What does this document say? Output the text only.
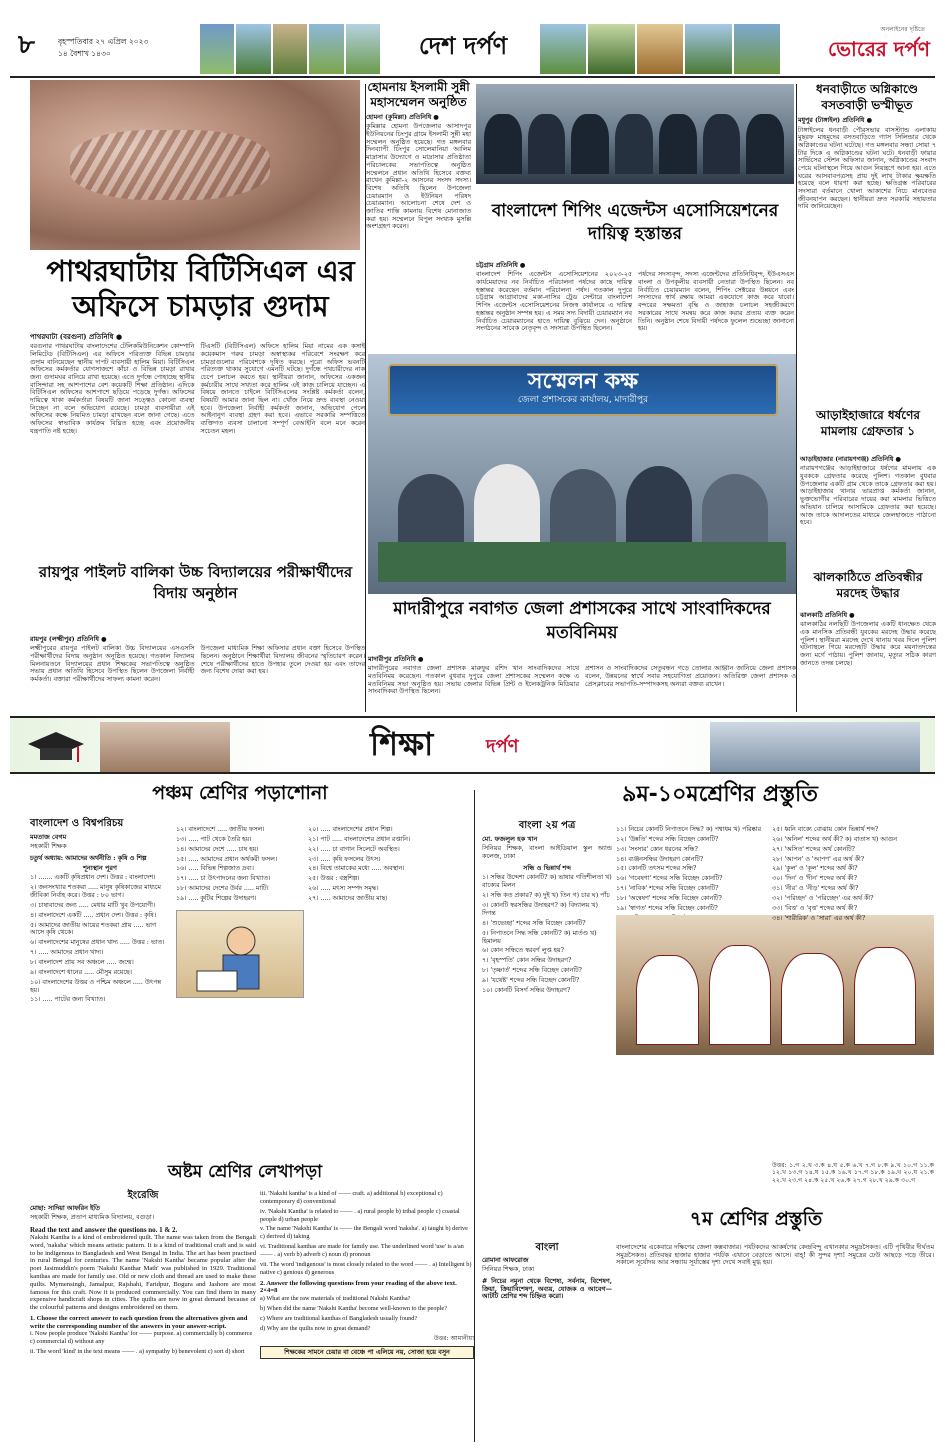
৮	বৃহস্পতিবার ২৭ এপ্রিল ২০২৩
১৪ বৈশাখ ১৪৩০	দেশ দর্পণ
অনলাইনের দৃষ্টিতে
ভোরের দর্পণ
পাথরঘাটায় বিটিসিএল এর অফিসে চামড়ার গুদাম
পাথরঘাটা (বরগুনা) প্রতিনিধি ●
বরগুনার পাথরঘাটায় বাংলাদেশের টেলিকমিউনিকেশন কোম্পানি লিমিটেড (বিটিসিএল) এর অফিসে পরিত্যক্ত বিভিন্ন চামড়ার গুদাম বানিয়েছেন স্থানীয় দাপট ব্যবসায়ী হালিম মিয়া। বিটিসিএল অফিসের কর্মকর্তার যোগসাজশে কাঁচা ও বিভিন্ন চামড়া রাখার জন্য গুদামঘর বানিয়ে রাখা হয়েছে। এতে দুর্গন্ধে পোহাচ্ছে স্থানীয় বাসিন্দারা সহ আশপাশের বেশ কয়েকটি শিক্ষা প্রতিষ্ঠান। এদিকে বিটিসিএল অফিসের আশপাশে ছড়িয়ে পড়েছে দুর্গন্ধ। অফিসের দায়িত্বে থাকা কর্মকর্তারা বিষয়টি জানা সত্ত্বেও কোনো ব্যবস্থা নিচ্ছেন না বলে অভিযোগ রয়েছে। চামড়া ব্যবসায়ীরা এই অফিসের কক্ষে নিয়মিত চামড়া রাখছেন বলে জানা গেছে। এতে অফিসের স্বাভাবিক কার্যক্রম বিঘ্নিত হচ্ছে এবং প্রয়োজনীয় যন্ত্রপাতি নষ্ট হচ্ছে।
টিএসটি (বিটিসিএল) অফিসে হালিম মিয়া নামের এক কসাই কয়েকমাস গরুর চামড়া অস্বাস্থ্যকর পরিবেশে সংরক্ষণ করে চামড়াগুলোর পরিবেশকে দূষিত করছে। পুরো অফিস ভবনটি পরিত্যক্ত থাকার সুযোগে এমনটি ঘটছে। দুর্গন্ধে পথচারীদের নাক চেপে চলাচল করতে হয়। স্থানীয়রা জানান, অফিসের একজন কর্মচারীর সাথে সখ্যতা করে হালিম এই কাজ চালিয়ে যাচ্ছেন। এ বিষয়ে জানতে চাইলে বিটিসিএলের সংশ্লিষ্ট কর্মকর্তা বলেন, বিষয়টি আমার জানা ছিল না। খোঁজ নিয়ে দ্রুত ব্যবস্থা নেওয়া হবে। উপজেলা নির্বাহী কর্মকর্তা জানান, অভিযোগ পেলে আইনানুগ ব্যবস্থা গ্রহণ করা হবে। এভাবে সরকারি সম্পত্তিতে ব্যক্তিগত ব্যবসা চালানো সম্পূর্ণ বেআইনি বলে মনে করেন সচেতন মহল।
হোমনায় ইসলামী সুন্নী মহাসম্মেলন অনুষ্ঠিত
হোমনা (কুমিল্লা) প্রতিনিধি ●
কুমিল্লার হোমনা উপজেলার আসাদপুর ইউনিয়নের চিংপুর গ্রামে ইসলামী সুন্নী মহা সম্মেলন অনুষ্ঠিত হয়েছে। গত মঙ্গলবার দিনব্যাপী চিংপুর সোলেমানিয়া আলিম মাদ্রাসার উদ্যোগে ও মাদ্রাসার প্রতিষ্ঠাতা পরিচালকের সভাপতিত্বে অনুষ্ঠিত সম্মেলনে প্রধান অতিথি হিসেবে বক্তব্য রাখেন কুমিল্লা-২ আসনের সংসদ সদস্য। বিশেষ অতিথি ছিলেন উপজেলা চেয়ারম্যান ও ইউনিয়ন পরিষদ চেয়ারম্যান। আলোচনা শেষে দেশ ও জাতির শান্তি কামনায় বিশেষ মোনাজাত করা হয়। সম্মেলনে বিপুল সংখ্যক মুসল্লি অংশগ্রহণ করেন।
বাংলাদেশ শিপিং এজেন্টস এসোসিয়েশনের দায়িত্ব হস্তান্তর
চট্টগ্রাম প্রতিনিধি ●
বাংলাদেশ শিপিং এজেন্টস এসোসিয়েশনের ২০২৩-২৫ কার্যমেয়াদের নব নির্বাচিত পরিচালনা পর্ষদের কাছে দায়িত্ব হস্তান্তর করেছেন বর্তমান পরিচালনা পর্ষদ। গতকাল দুপুরে চট্টগ্রাম আগ্রাবাদের মকা-নাসির ট্রেড সেন্টারে বাংলাদেশ শিপিং এজেন্টস এসোসিয়েশনের নিজস্ব কার্যালয়ে এ দায়িত্ব হস্তান্তর অনুষ্ঠান সম্পন্ন হয়। এ সময় সদ্য বিদায়ী চেয়ারম্যান নব নির্বাচিত চেয়ারম্যানের হাতে দায়িত্ব বুঝিয়ে দেন। অনুষ্ঠানে সংগঠনের সাবেক নেতৃবৃন্দ ও সদস্যরা উপস্থিত ছিলেন।
পর্ষদের সদস্যবৃন্দ, সদস্য এজেন্টদের প্রতিনিধিবৃন্দ, ইউএসএস বাংলা ও উপকূলীয় ব্যবসায়ী নেতারা উপস্থিত ছিলেন। নব নির্বাচিত চেয়ারম্যান বলেন, শিপিং সেক্টরের উন্নয়নে এবং সদস্যদের স্বার্থ রক্ষায় আমরা একযোগে কাজ করে যাবো। বন্দরের সক্ষমতা বৃদ্ধি ও জাহাজ চলাচল সহজীকরণে সরকারের সাথে সমন্বয় করে কাজ করার প্রত্যয় ব্যক্ত করেন তিনি। অনুষ্ঠান শেষে বিদায়ী পর্ষদকে ফুলেল শুভেচ্ছা জানানো হয়।
ধনবাড়ীতে অগ্নিকাণ্ডে বসতবাড়ী ভস্মীভূত
মধুপুর (টাঙ্গাইল) প্রতিনিধি ●
টাঙ্গাইলের ধনবাড়ী পৌরসভার বাসস্ট্যান্ড এলাকায় মুছরফ মাহমুদের বসতবাড়িতে গ্যাস সিলিন্ডার থেকে অগ্নিকাণ্ডের ঘটনা ঘটেছে। গত মঙ্গলবার সন্ধ্যা সোয়া ৭ টার দিকে এ অগ্নিকাণ্ডের ঘটনা ঘটে। ধনবাড়ী ফায়ার সার্ভিসের স্টেশন অফিসার জানান, অগ্নিকাণ্ডের সংবাদ পেয়ে ঘটনাস্থলে গিয়ে আগুন নিয়ন্ত্রণে আনা হয়। এতে ঘরের আসবাবপত্রসহ প্রায় দুই লাখ টাকার ক্ষয়ক্ষতি হয়েছে বলে ধারণা করা হচ্ছে। ক্ষতিগ্রস্ত পরিবারের সদস্যরা বর্তমানে খোলা আকাশের নিচে মানবেতর জীবনযাপন করছেন। স্থানীয়রা দ্রুত সরকারি সহায়তার দাবি জানিয়েছেন।
সম্মেলন কক্ষ
জেলা প্রশাসকের কার্যালয়, মাদারীপুর
মাদারীপুরে নবাগত জেলা প্রশাসকের সাথে সাংবাদিকদের মতবিনিময়
মাদারীপুর প্রতিনিধি ●
মাদারীপুরের নবাগত জেলা প্রশাসক মারুফুর রশিদ খান সাংবাদিকদের সাথে মতবিনিময় করেছেন। গতকাল বুধবার দুপুরে জেলা প্রশাসকের সম্মেলন কক্ষে এ মতবিনিময় সভা অনুষ্ঠিত হয়। সভায় জেলার বিভিন্ন প্রিন্ট ও ইলেকট্রনিক মিডিয়ার সাংবাদিকরা উপস্থিত ছিলেন।
প্রশাসন ও সাংবাদিকদের সেতুবন্ধন গড়ে তোলার আহ্বান জানিয়ে জেলা প্রশাসক বলেন, উন্নয়নের স্বার্থে সবার সহযোগিতা প্রয়োজন। অতিরিক্ত জেলা প্রশাসক ও প্রেসক্লাবের সভাপতি-সম্পাদকসহ অন্যরা বক্তব্য রাখেন।
রায়পুর পাইলট বালিকা উচ্চ বিদ্যালয়ের পরীক্ষার্থীদের বিদায় অনুষ্ঠান
রায়পুর (লক্ষ্মীপুর) প্রতিনিধি ●
লক্ষ্মীপুরের রায়পুর পাইলট বালিকা উচ্চ বিদ্যালয়ের এসএসসি পরীক্ষার্থীদের বিদায় অনুষ্ঠান অনুষ্ঠিত হয়েছে। গতকাল বিদ্যালয় মিলনায়তনে বিদ্যালয়ের প্রধান শিক্ষকের সভাপতিত্বে অনুষ্ঠিত সভায় প্রধান অতিথি হিসেবে উপস্থিত ছিলেন উপজেলা নির্বাহী কর্মকর্তা। বক্তারা পরীক্ষার্থীদের সাফল্য কামনা করেন।
উপজেলা মাধ্যমিক শিক্ষা অফিসার প্রধান বক্তা হিসেবে উপস্থিত ছিলেন। অনুষ্ঠানে শিক্ষার্থীরা বিদ্যালয় জীবনের স্মৃতিচারণ করেন। শেষে পরীক্ষার্থীদের হাতে উপহার তুলে দেওয়া হয় এবং তাদের জন্য বিশেষ দোয়া করা হয়।
আড়াইহাজারে ধর্ষণের মামলায় গ্রেফতার ১
আড়াইহাজার (নারায়ণগঞ্জ) প্রতিনিধি ●
নারায়ণগঞ্জের আড়াইহাজারে ধর্ষণের মামলায় এক যুবককে গ্রেফতার করেছে পুলিশ। গতকাল বুধবার উপজেলার একটি গ্রাম থেকে তাকে গ্রেফতার করা হয়। আড়াইহাজার থানার ভারপ্রাপ্ত কর্মকর্তা জানান, ভুক্তভোগীর পরিবারের দায়ের করা মামলার ভিত্তিতে অভিযান চালিয়ে আসামিকে গ্রেফতার করা হয়েছে। আজ তাকে আদালতের মাধ্যমে জেলহাজতে পাঠানো হবে।
ঝালকাঠিতে প্রতিবন্ধীর মরদেহ উদ্ধার
ঝালকাঠি প্রতিনিধি ●
ঝালকাঠির নলছিটি উপজেলার একটি ধানক্ষেত থেকে এক মানসিক প্রতিবন্ধী যুবকের মরদেহ উদ্ধার করেছে পুলিশ। স্থানীয়রা মরদেহ দেখে থানায় খবর দিলে পুলিশ ঘটনাস্থলে গিয়ে মরদেহটি উদ্ধার করে ময়নাতদন্তের জন্য মর্গে পাঠায়। পুলিশ জানায়, মৃত্যুর সঠিক কারণ জানতে তদন্ত চলছে।
শিক্ষা	দর্পণ
পঞ্চম শ্রেণির পড়াশোনা
বাংলাদেশ ও বিশ্বপরিচয়
মমতাজ বেগম
সহকারী শিক্ষক
চতুর্থ অধ্যায়: আমাদের অর্থনীতি : কৃষি ও শিল্প
শূন্যস্থান পূরণ
১। ....... একটি কৃষিপ্রধান দেশ। উত্তর : বাংলাদেশ।
২। জনসংখ্যার শতকরা ..... মানুষ কৃষিকাজের মাধ্যমে জীবিকা নির্বাহ করে। উত্তর : ৮০ ভাগ।
৩। চাষাবাদের জন্য ..... মেধার মাটি খুব উপযোগী।
৪। বাংলাদেশে একটি ..... প্রধান দেশ। উত্তর : কৃষি।
৫। আমাদের জাতীয় আয়ের শতকরা প্রায় ..... ভাগ আসে কৃষি থেকে।
৬। বাংলাদেশের মানুষের প্রধান খাদ্য ..... উত্তর : ভাত।
৭। ..... আমাদের প্রধান খাদ্য।
৮। বাংলাদেশ প্রায় সব অঞ্চলে ..... জন্মে।
৯। বাংলাদেশে ধানের ..... মৌসুম রয়েছে।
১০। বাংলাদেশের উত্তর ও পশ্চিম অঞ্চলে ..... উৎপন্ন হয়।
১১। ..... পাটের জন্য বিখ্যাত।
১২। বাংলাদেশে ..... জাতীয় ফসল।
১৩। ..... পাট থেকে তৈরি হয়।
১৪। আমাদের দেশে ..... চাষ হয়।
১৫। ..... আমাদের প্রধান অর্থকরী ফসল।
১৬। ..... বিভিন্ন শিল্পজাত দ্রব্য।
১৭। ..... চা উৎপাদনের জন্য বিখ্যাত।
১৮। আমাদের দেশের উর্বর ..... মাটি।
১৯। ..... কুটির শিল্পের উদাহরণ।
২০। ..... বাংলাদেশের প্রধান শিল্প।
২১। পাট ..... বাংলাদেশের প্রধান রপ্তানি।
২২। ..... চা বাগান সিলেটে অবস্থিত।
২৩। ..... কৃষি ফসলের উৎস।
২৪। বিশ্বে তামাকের মধ্যে ..... অবস্থান।
২৫। উত্তর : বস্ত্রশিল্প।
২৬। ..... মৎস্য সম্পদ সমৃদ্ধ।
২৭। ..... আমাদের জাতীয় মাছ।
৯ম-১০মশ্রেণির প্রস্তুতি
বাংলা ২য় পত্র
মো. ফজলুল হক খান
সিনিয়র শিক্ষক, বাংলা আইডিয়াল স্কুল অ্যান্ড কলেজ, ঢাকা
সন্ধি ও ভিন্নার্থ শব্দ
১। সন্ধির উদ্দেশ্য কোনটি? ক) ভাষার গতিশীলতা খ) বাক্যের মিলন
২। সন্ধি কত প্রকার? ক) দুই খ) তিন গ) চার ঘ) পাঁচ
৩। কোনটি স্বরসন্ধির উদাহরণ? ক) বিদ্যালয় খ) দিগন্ত
৪। 'শুভেচ্ছা' শব্দের সন্ধি বিচ্ছেদ কোনটি?
৫। নিপাতনে সিদ্ধ সন্ধি কোনটি? ক) মার্তণ্ড খ) হিমালয়
৬। কোন সন্ধিতে স্বরবর্ণ লুপ্ত হয়?
৭। 'বৃহস্পতি' কোন সন্ধির উদাহরণ?
৮। 'তৃষ্ণার্ত' শব্দের সন্ধি বিচ্ছেদ কোনটি?
৯। 'যথেষ্ট' শব্দের সন্ধি বিচ্ছেদ কোনটি?
১০। কোনটি বিসর্গ সন্ধির উদাহরণ?
১১। নিচের কোনটি নিপাতনে সিদ্ধ? ক) পশ্বাধম খ) পরিষ্কার
১২। 'উন্নতি' শব্দের সন্ধি বিচ্ছেদ কোনটি?
১৩। 'সংসার' কোন ধরনের সন্ধি?
১৪। ব্যঞ্জনসন্ধির উদাহরণ কোনটি?
১৫। কোনটি তৎসম শব্দের সন্ধি?
১৬। 'গবেষণা' শব্দের সন্ধি বিচ্ছেদ কোনটি?
১৭। 'নাবিক' শব্দের সন্ধি বিচ্ছেদ কোনটি?
১৮। 'অন্বেষণ' শব্দের সন্ধি বিচ্ছেদ কোনটি?
১৯। 'স্বাগত' শব্দের সন্ধি বিচ্ছেদ কোনটি?
২৫। ধ্বনি বাক্যে বোঝায় কোন ভিন্নার্থ শব্দ?
২৬। 'অনিল' শব্দের অর্থ কী? ক) বাতাস খ) আগুন
২৭। 'অসিত' শব্দের অর্থ কোনটি?
২৮। 'আপন' ও 'আপণ' এর অর্থ কী?
২৯। 'কুল' ও 'কূল' শব্দের অর্থ কী?
৩০। 'দিন' ও 'দীন' শব্দের অর্থ কী?
৩১। 'নীর' ও 'নীড়' শব্দের অর্থ কী?
৩২। 'পরিচ্ছদ' ও 'পরিচ্ছেদ' এর অর্থ কী?
৩৩। 'বিত্ত' ও 'বৃত্ত' শব্দের অর্থ কী?
৩৪। 'শারীরিক' ও 'সারা' এর অর্থ কী?
উত্তর: ১.গ ২.খ ৩.ক ৪.ঘ ৫.ক ৬.খ ৭.গ ৮.ক ৯.খ ১০.গ ১১.ক ১২.খ ১৩.গ ১৪.ঘ ১৫.ক ১৬.খ ১৭.গ ১৮.ক ১৯.খ ২০.ঘ ২১.ক ২২.খ ২৩.গ ২৪.ক ২৫.খ ২৬.ক ২৭.গ ২৮.খ ২৯.ক ৩০.গ
অষ্টম শ্রেণির লেখাপড়া
ইংরেজি
মোছা: সাদিয়া আফরিন ইতি
সহকারী শিক্ষক, প্রতাপ মাধ্যমিক বিদ্যালয়, বগুড়া।
Read the text and answer the questions no. 1 & 2.
Nakshi Kantha is a kind of embroidered quilt. The name was taken from the Bengali word, 'naksha' which means artistic pattern. It is a kind of traditional craft and is said to be indigenous to Bangladesh and West Bengal in India. The art has been practised in rural Bengal for centuries. The name 'Nakshi Kantha' became popular after the poet Jasimuddin's poem 'Nakshi Kanthar Math' was published in 1929. Traditional kanthas are made for family use. Old or new cloth and thread are used to make these quilts. Mymensingh, Jamalpur, Rajshahi, Faridpur, Bogura and Jashore are most famous for this craft. Now it is produced commercially. You can find them in many expensive handicraft shops in cities. The quilts are now in great demand because of the colourful patterns and designs embroidered on them.
1. Choose the correct answer to each question from the alternatives given and write the corresponding number of the answers in your answer-script.
i. Now people produce 'Nakshi Kantha' for —— purpose. a) commercially b) commerce c) commercial d) without any
ii. The word 'kind' in the text means —— . a) sympathy b) benevolent c) sort d) short
iii. 'Nakshi kantha' is a kind of —— craft. a) additional b) exceptional c) contemporary d) conventional
iv. 'Nakshi Kantha' is related to —— . a) rural people b) tribal people c) coastal people d) urban people
v. The name 'Nakshi Kantha' is —— the Bengali word 'naksha'. a) taught b) derive c) derived d) taking
vi. Traditional kanthas are made for family use. The underlined word 'use' is a/an —— . a) verb b) adverb c) noun d) pronoun
vii. The word 'indigenous' is most closely related to the word —— . a) Intelligent b) native c) genious d) generous
2. Answer the following questions from your reading of the above text. 2×4=8
a) What are the raw materials of traditional Nakshi Kantha?
b) When did the name 'Nakshi Kantha' become well-known to the people?
c) Where are traditional kanthas of Bangladesh usually found?
d) Why are the quilts now in great demand?
উত্তর: আমানীয়া
শিক্ষকের সামনে চেয়ার বা বেঞ্চে পা এলিয়ে নয়, সোজা হয়ে বসুন
৭ম শ্রেণির প্রস্তুতি
বাংলা
রোমানা আফরোজ
সিনিয়র শিক্ষক, ঢাকা
# নিচের নমুনা থেকে বিশেষ্য, সর্বনাম, বিশেষণ, ক্রিয়া, ক্রিয়াবিশেষণ, অব্যয়, যোজক ও আবেগ—আটটি শ্রেণির শব্দ চিহ্নিত করো।
বাংলাদেশের একেবারে দক্ষিণের জেলা কক্সবাজার। পর্যটকদের আকর্ষণের কেন্দ্রবিন্দু এখানকার সমুদ্রসৈকত। এটি পৃথিবীর দীর্ঘতম সমুদ্রসৈকত। প্রতিবছর হাজার হাজার পর্যটক এখানে বেড়াতে আসে। বাহ্‌! কী সুন্দর দৃশ্য! সমুদ্রের ঢেউ আছড়ে পড়ে তীরে। সকালে সূর্যোদয় আর সন্ধ্যায় সূর্যাস্তের দৃশ্য দেখে সবাই মুগ্ধ হয়।
